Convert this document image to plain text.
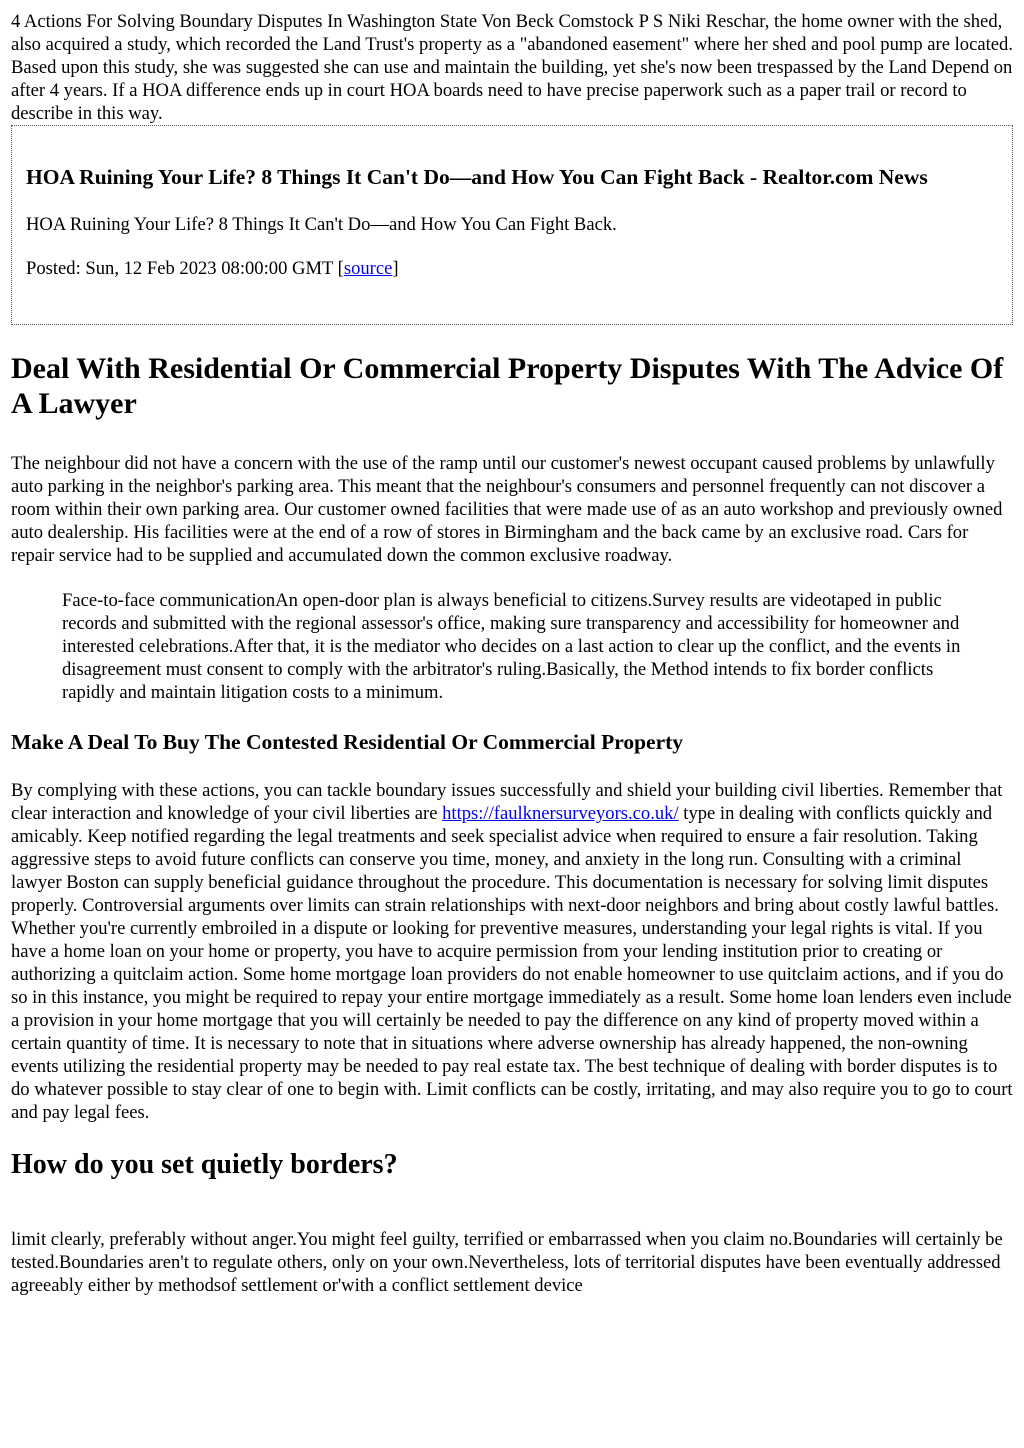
4 Actions For Solving Boundary Disputes In Washington State Von Beck Comstock P S Niki Reschar, the home owner with the shed, also acquired a study, which recorded the Land Trust's property as a "abandoned easement" where her shed and pool pump are located. Based upon this study, she was suggested she can use and maintain the building, yet she's now been trespassed by the Land Depend on after 4 years. If a HOA difference ends up in court HOA boards need to have precise paperwork such as a paper trail or record to describe in this way.

HOA Ruining Your Life? 8 Things It Can't Do—and How You Can Fight Back - Realtor.com News

HOA Ruining Your Life? 8 Things It Can't Do—and How You Can Fight Back.

Posted: Sun, 12 Feb 2023 08:00:00 GMT [source]

Deal With Residential Or Commercial Property Disputes With The Advice Of A Lawyer

The neighbour did not have a concern with the use of the ramp until our customer's newest occupant caused problems by unlawfully auto parking in the neighbor's parking area. This meant that the neighbour's consumers and personnel frequently can not discover a room within their own parking area. Our customer owned facilities that were made use of as an auto workshop and previously owned auto dealership. His facilities were at the end of a row of stores in Birmingham and the back came by an exclusive road. Cars for repair service had to be supplied and accumulated down the common exclusive roadway.

Face-to-face communicationAn open-door plan is always beneficial to citizens.Survey results are videotaped in public records and submitted with the regional assessor's office, making sure transparency and accessibility for homeowner and interested celebrations.After that, it is the mediator who decides on a last action to clear up the conflict, and the events in disagreement must consent to comply with the arbitrator's ruling.Basically, the Method intends to fix border conflicts rapidly and maintain litigation costs to a minimum.
Make A Deal To Buy The Contested Residential Or Commercial Property

By complying with these actions, you can tackle boundary issues successfully and shield your building civil liberties. Remember that clear interaction and knowledge of your civil liberties are https://faulknersurveyors.co.uk/ type in dealing with conflicts quickly and amicably. Keep notified regarding the legal treatments and seek specialist advice when required to ensure a fair resolution. Taking aggressive steps to avoid future conflicts can conserve you time, money, and anxiety in the long run. Consulting with a criminal lawyer Boston can supply beneficial guidance throughout the procedure. This documentation is necessary for solving limit disputes properly. Controversial arguments over limits can strain relationships with next-door neighbors and bring about costly lawful battles. Whether you're currently embroiled in a dispute or looking for preventive measures, understanding your legal rights is vital. If you have a home loan on your home or property, you have to acquire permission from your lending institution prior to creating or authorizing a quitclaim action. Some home mortgage loan providers do not enable homeowner to use quitclaim actions, and if you do so in this instance, you might be required to repay your entire mortgage immediately as a result. Some home loan lenders even include a provision in your home mortgage that you will certainly be needed to pay the difference on any kind of property moved within a certain quantity of time. It is necessary to note that in situations where adverse ownership has already happened, the non-owning events utilizing the residential property may be needed to pay real estate tax. The best technique of dealing with border disputes is to do whatever possible to stay clear of one to begin with. Limit conflicts can be costly, irritating, and may also require you to go to court and pay legal fees.

How do you set quietly borders?

limit clearly, preferably without anger.You might feel guilty, terrified or embarrassed when you claim no.Boundaries will certainly be tested.Boundaries aren't to regulate others, only on your own.Nevertheless, lots of territorial disputes have been eventually addressed agreeably either by methodsof settlement or'with a conflict settlement device
